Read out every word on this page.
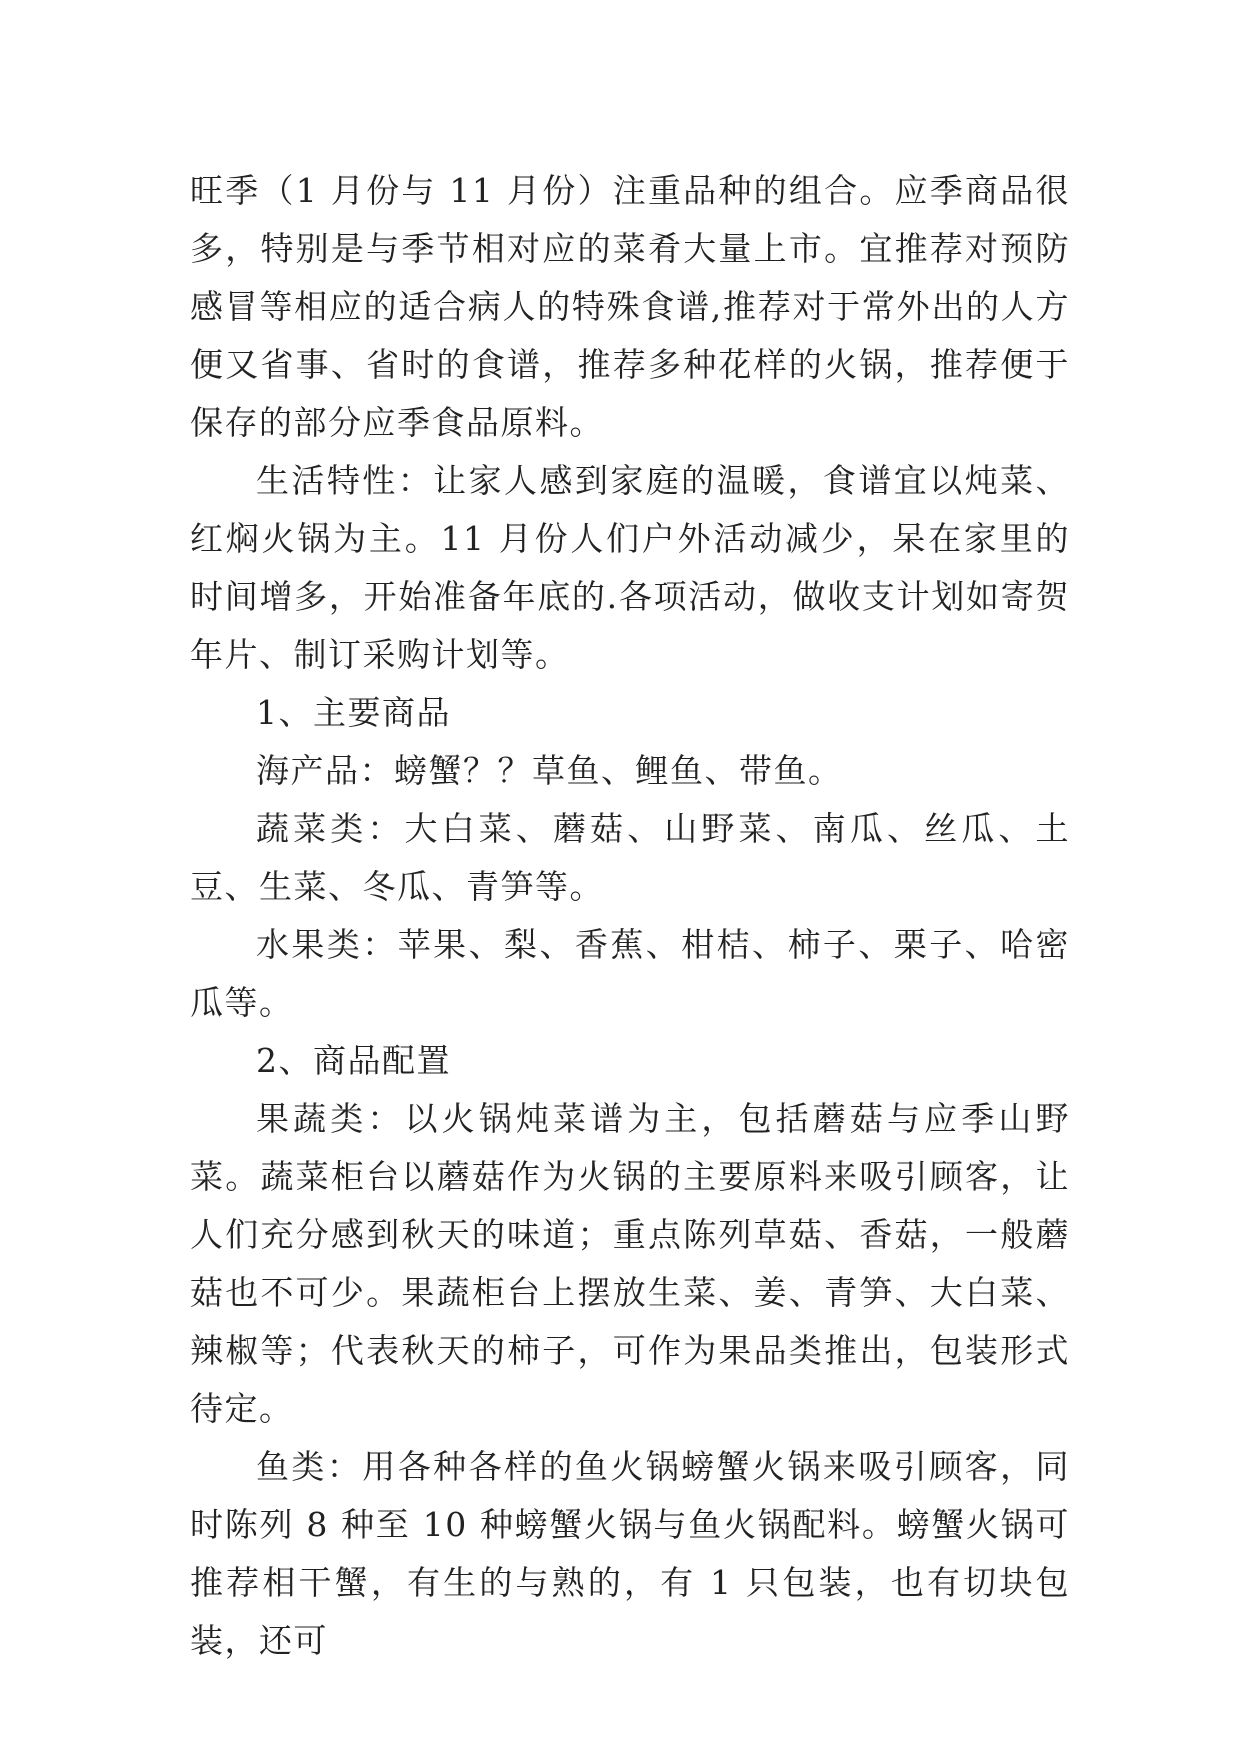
旺季（1 月份与 11 月份）注重品种的组合。应季商品很多，特别是与季节相对应的菜肴大量上市。宜推荐对预防感冒等相应的适合病人的特殊食谱,推荐对于常外出的人方便又省事、省时的食谱，推荐多种花样的火锅，推荐便于保存的部分应季食品原料。

生活特性：让家人感到家庭的温暖，食谱宜以炖菜、红焖火锅为主。11 月份人们户外活动减少，呆在家里的时间增多，开始准备年底的.各项活动，做收支计划如寄贺年片、制订采购计划等。

1、主要商品

海产品：螃蟹？？草鱼、鲤鱼、带鱼。

蔬菜类：大白菜、蘑菇、山野菜、南瓜、丝瓜、土豆、生菜、冬瓜、青笋等。

水果类：苹果、梨、香蕉、柑桔、柿子、栗子、哈密瓜等。

2、商品配置

果蔬类：以火锅炖菜谱为主，包括蘑菇与应季山野菜。蔬菜柜台以蘑菇作为火锅的主要原料来吸引顾客，让人们充分感到秋天的味道；重点陈列草菇、香菇，一般蘑菇也不可少。果蔬柜台上摆放生菜、姜、青笋、大白菜、辣椒等；代表秋天的柿子，可作为果品类推出，包装形式待定。

鱼类：用各种各样的鱼火锅螃蟹火锅来吸引顾客，同时陈列 8 种至 10 种螃蟹火锅与鱼火锅配料。螃蟹火锅可推荐相干蟹，有生的与熟的，有 1 只包装，也有切块包装，还可
